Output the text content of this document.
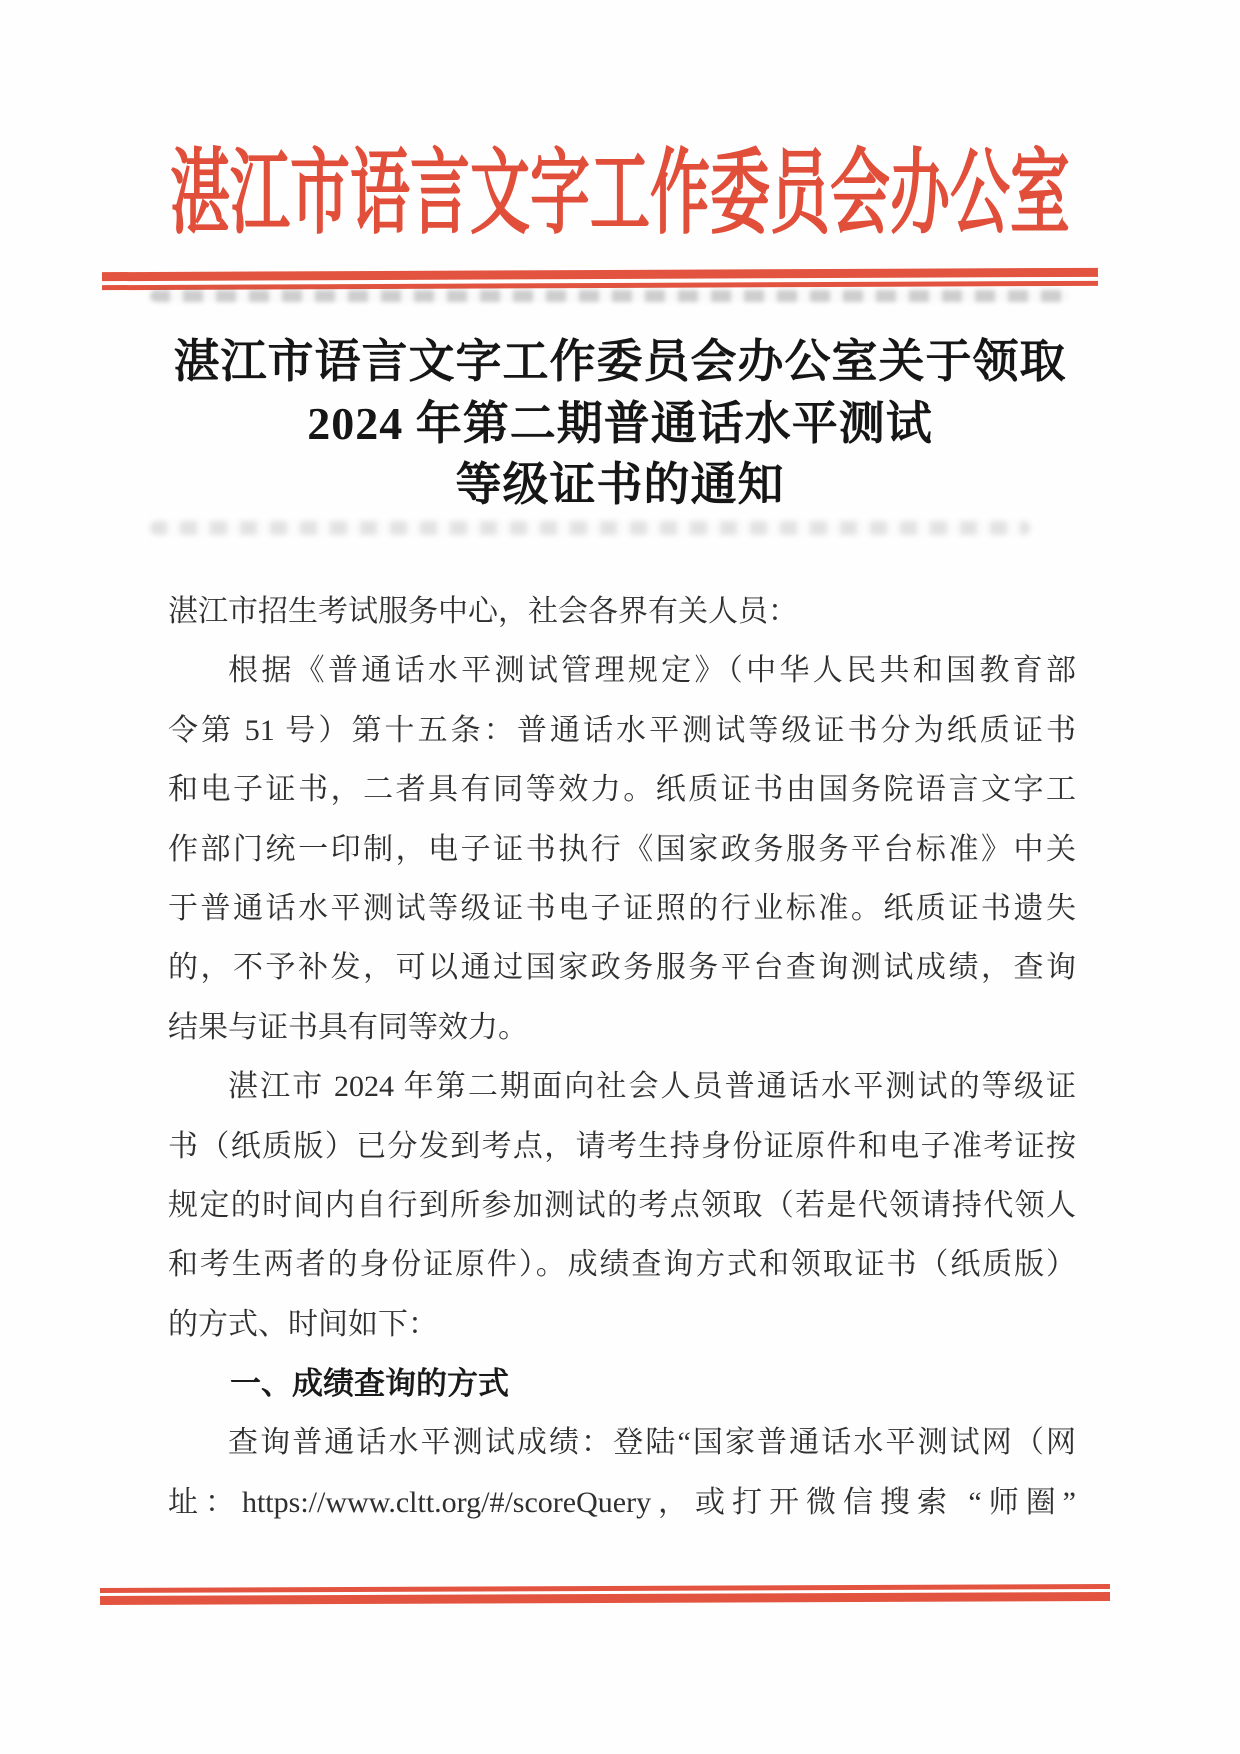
湛江市语言文字工作委员会办公室
湛江市语言文字工作委员会办公室关于领取
2024 年第二期普通话水平测试
等级证书的通知
湛江市招生考试服务中心，社会各界有关人员：
根据《普通话水平测试管理规定》（中华人民共和国教育部
令第 51 号）第十五条：普通话水平测试等级证书分为纸质证书
和电子证书，二者具有同等效力。纸质证书由国务院语言文字工
作部门统一印制，电子证书执行《国家政务服务平台标准》中关
于普通话水平测试等级证书电子证照的行业标准。纸质证书遗失
的，不予补发，可以通过国家政务服务平台查询测试成绩，查询
结果与证书具有同等效力。
湛江市 2024 年第二期面向社会人员普通话水平测试的等级证
书（纸质版）已分发到考点，请考生持身份证原件和电子准考证按
规定的时间内自行到所参加测试的考点领取（若是代领请持代领人
和考生两者的身份证原件）。成绩查询方式和领取证书（纸质版）
的方式、时间如下：
一、成绩查询的方式
查询普通话水平测试成绩：登陆“国家普通话水平测试网（网
址：https://www.cltt.org/#/scoreQuery，或打开微信搜索 “师圈”
